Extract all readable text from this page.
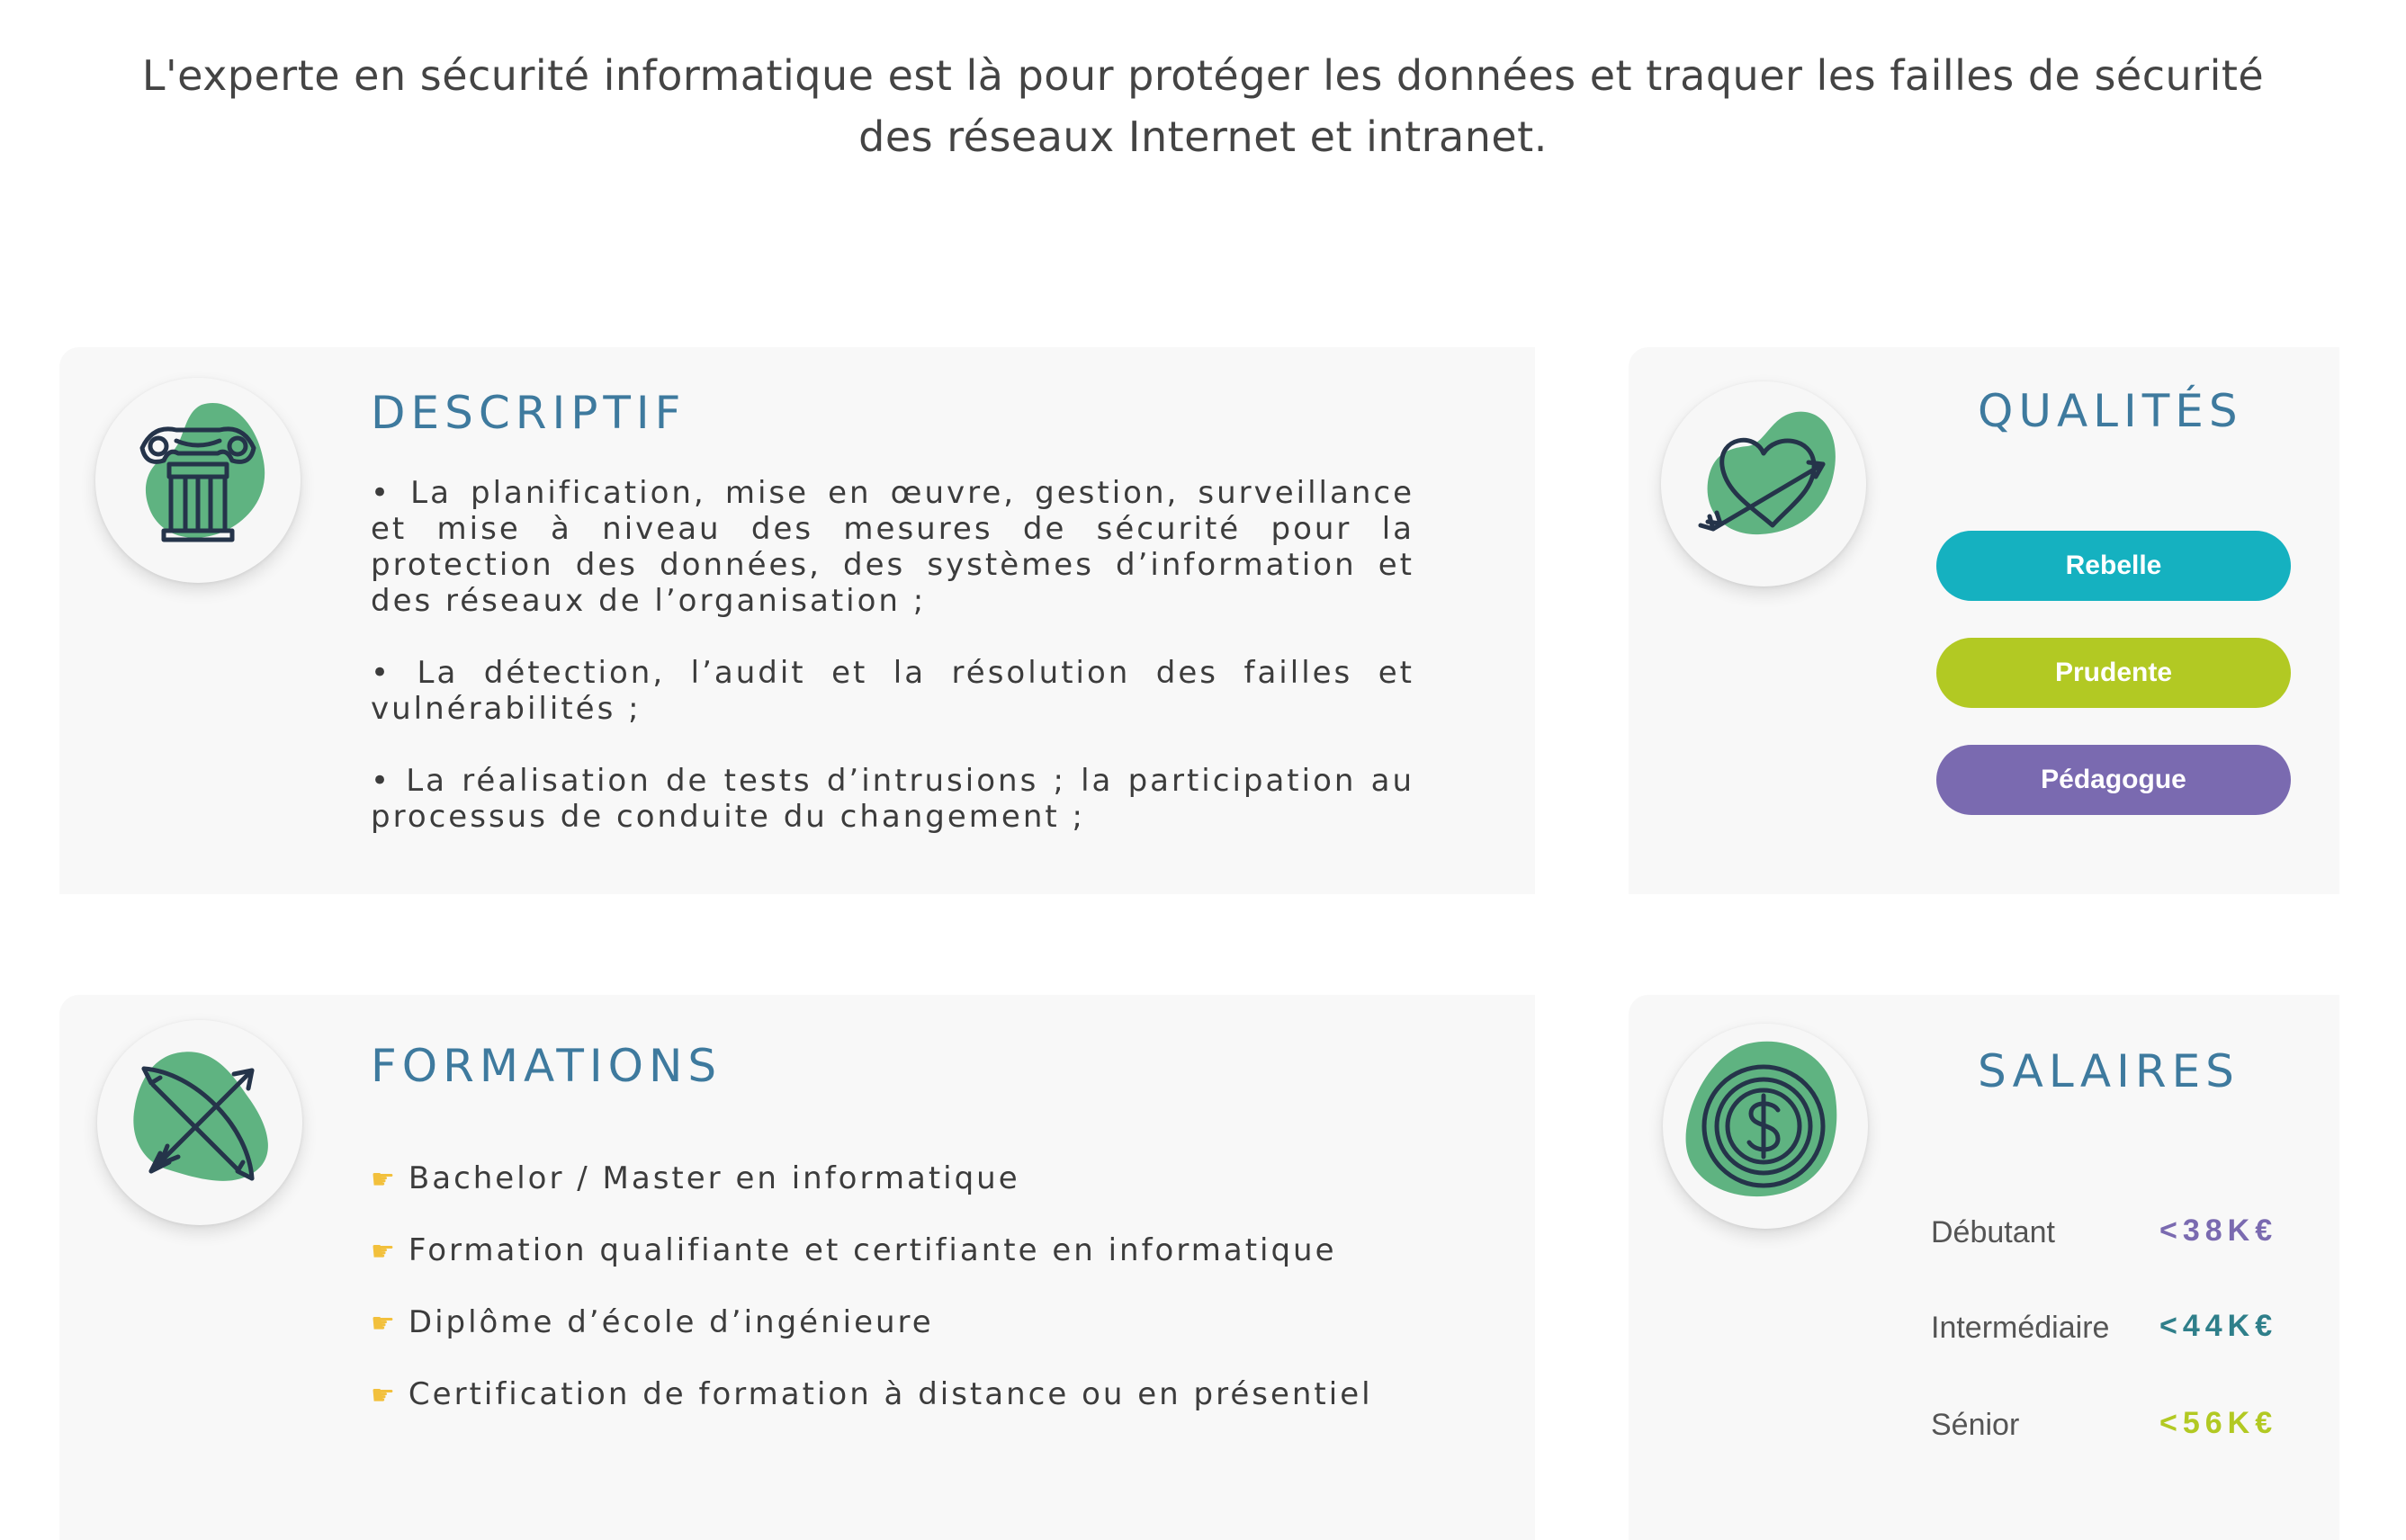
L'experte en sécurité informatique est là pour protéger les données et traquer les failles de sécurité
des réseaux Internet et intranet.
DESCRIPTIF

• La planification, mise en œuvre, gestion, surveillance et mise à niveau des mesures de sécurité pour la protection des données, des systèmes d’information et des réseaux de l’organisation ;

• La détection, l’audit et la résolution des failles et vulnérabilités ;

• La réalisation de tests d’intrusions ; la participation au processus de conduite du changement ;

QUALITÉS
Rebelle
Prudente
Pédagogue
FORMATIONS
☛ Bachelor / Master en informatique
☛ Formation qualifiante et certifiante en informatique
☛ Diplôme d’école d’ingénieure
☛ Certification de formation à distance ou en présentiel
SALAIRES
Débutant	<38K€
Intermédiaire <44K€
Sénior	<56K€
